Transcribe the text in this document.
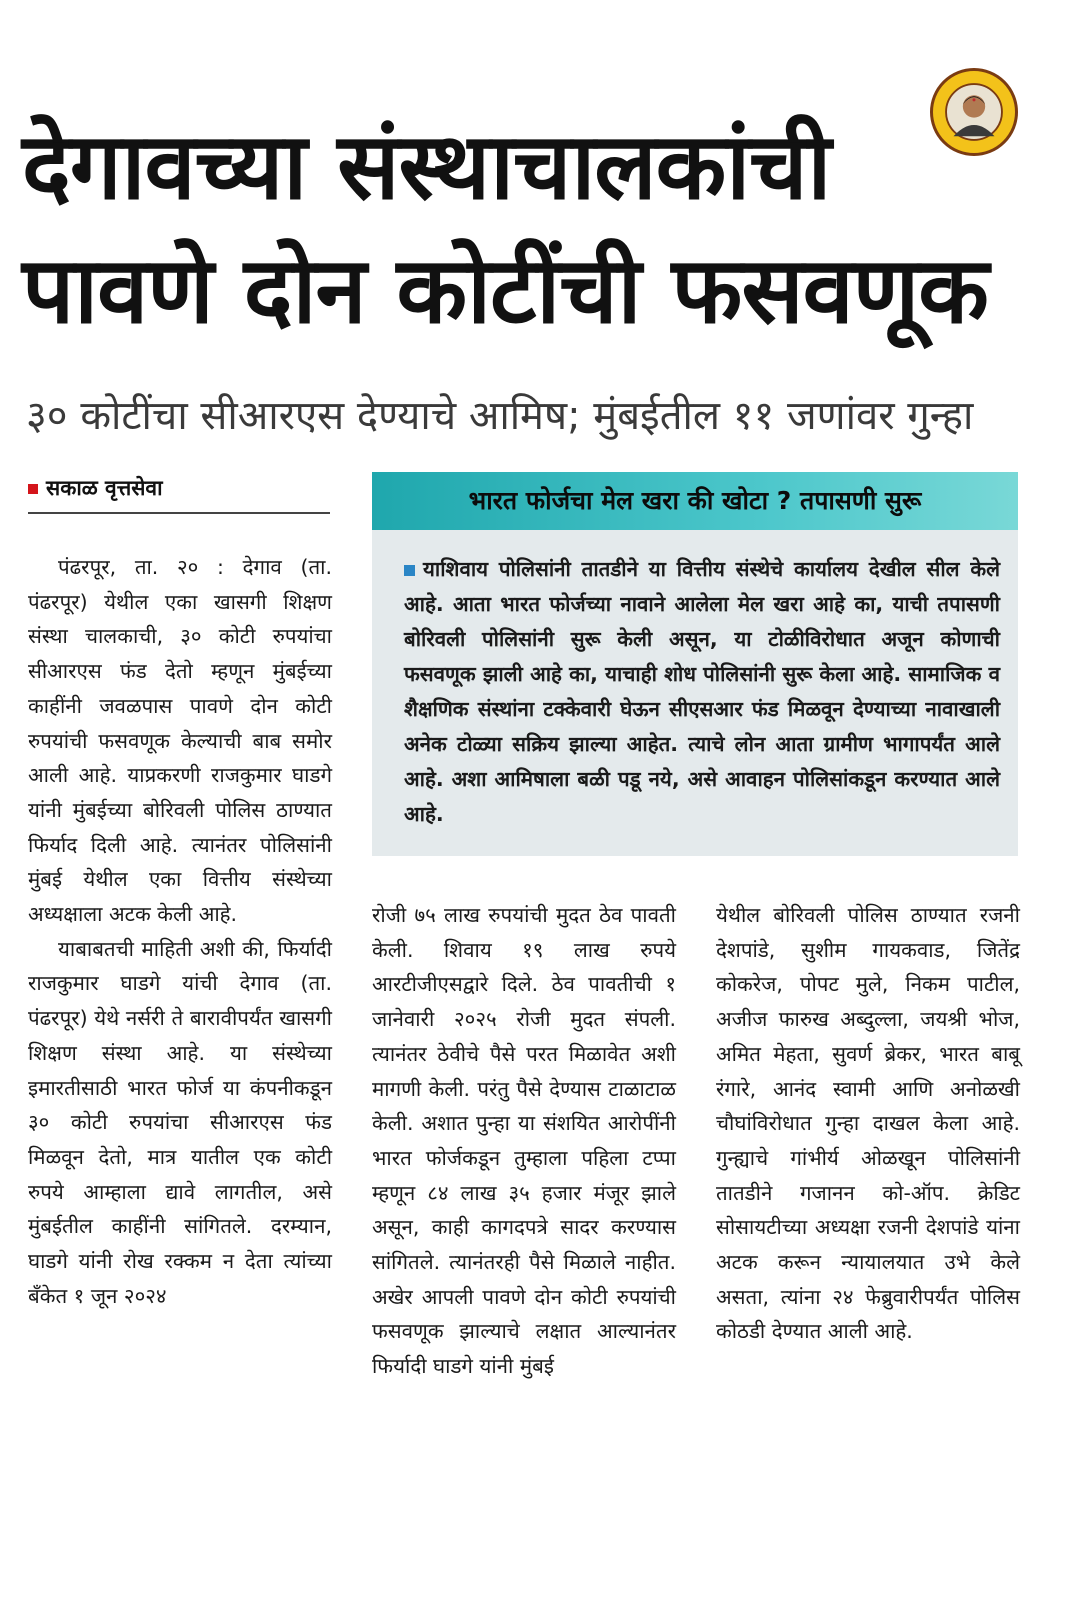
देगावच्या संस्थाचालकांची
पावणे दोन कोटींची फसवणूक
३० कोटींचा सीआरएस देण्याचे आमिष; मुंबईतील ११ जणांवर गुन्हा
सकाळ वृत्तसेवा

पंढरपूर, ता. २० : देगाव (ता. पंढरपूर) येथील एका खासगी शिक्षण संस्था चालकाची, ३० कोटी रुपयांचा सीआरएस फंड देतो म्हणून मुंबईच्या काहींनी जवळपास पावणे दोन कोटी रुपयांची फसवणूक केल्याची बाब समोर आली आहे. याप्रकरणी राजकुमार घाडगे यांनी मुंबईच्या बोरिवली पोलिस ठाण्यात फिर्याद दिली आहे. त्यानंतर पोलिसांनी मुंबई येथील एका वित्तीय संस्थेच्या अध्यक्षाला अटक केली आहे.

याबाबतची माहिती अशी की, फिर्यादी राजकुमार घाडगे यांची देगाव (ता. पंढरपूर) येथे नर्सरी ते बारावीपर्यंत खासगी शिक्षण संस्था आहे. या संस्थेच्या इमारतीसाठी भारत फोर्ज या कंपनीकडून ३० कोटी रुपयांचा सीआरएस फंड मिळवून देतो, मात्र यातील एक कोटी रुपये आम्हाला द्यावे लागतील, असे मुंबईतील काहींनी सांगितले. दरम्यान, घाडगे यांनी रोख रक्कम न देता त्यांच्या बँकेत १ जून २०२४

भारत फोर्जचा मेल खरा की खोटा ? तपासणी सुरू
याशिवाय पोलिसांनी तातडीने या वित्तीय संस्थेचे कार्यालय देखील सील केले आहे. आता भारत फोर्जच्या नावाने आलेला मेल खरा आहे का, याची तपासणी बोरिवली पोलिसांनी सुरू केली असून, या टोळीविरोधात अजून कोणाची फसवणूक झाली आहे का, याचाही शोध पोलिसांनी सुरू केला आहे. सामाजिक व शैक्षणिक संस्थांना टक्केवारी घेऊन सीएसआर फंड मिळवून देण्याच्या नावाखाली अनेक टोळ्या सक्रिय झाल्या आहेत. त्याचे लोन आता ग्रामीण भागापर्यंत आले आहे. अशा आमिषाला बळी पडू नये, असे आवाहन पोलिसांकडून करण्यात आले आहे.

रोजी ७५ लाख रुपयांची मुदत ठेव पावती केली. शिवाय १९ लाख रुपये आरटीजीएसद्वारे दिले. ठेव पावतीची १ जानेवारी २०२५ रोजी मुदत संपली. त्यानंतर ठेवीचे पैसे परत मिळावेत अशी मागणी केली. परंतु पैसे देण्यास टाळाटाळ केली. अशात पुन्हा या संशयित आरोपींनी भारत फोर्जकडून तुम्हाला पहिला टप्पा म्हणून ८४ लाख ३५ हजार मंजूर झाले असून, काही कागदपत्रे सादर करण्यास सांगितले. त्यानंतरही पैसे मिळाले नाहीत. अखेर आपली पावणे दोन कोटी रुपयांची फसवणूक झाल्याचे लक्षात आल्यानंतर फिर्यादी घाडगे यांनी मुंबई

येथील बोरिवली पोलिस ठाण्यात रजनी देशपांडे, सुशीम गायकवाड, जितेंद्र कोकरेज, पोपट मुले, निकम पाटील, अजीज फारुख अब्दुल्ला, जयश्री भोज, अमित मेहता, सुवर्ण ब्रेकर, भारत बाबू रंगारे, आनंद स्वामी आणि अनोळखी चौघांविरोधात गुन्हा दाखल केला आहे. गुन्ह्याचे गांभीर्य ओळखून पोलिसांनी तातडीने गजानन को-ऑप. क्रेडिट सोसायटीच्या अध्यक्षा रजनी देशपांडे यांना अटक करून न्यायालयात उभे केले असता, त्यांना २४ फेब्रुवारीपर्यंत पोलिस कोठडी देण्यात आली आहे.
